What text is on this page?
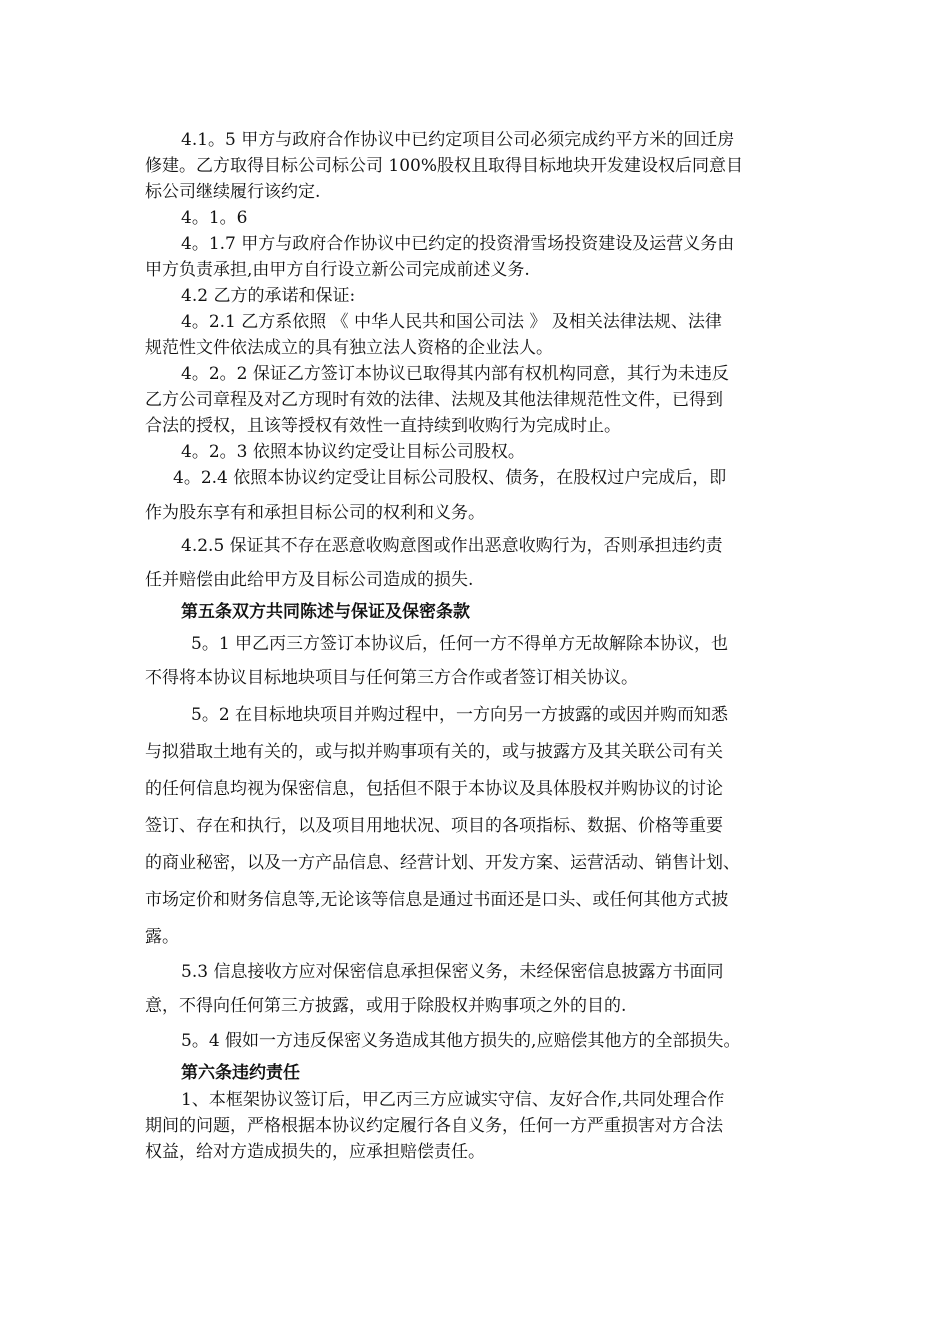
4.1。5 甲方与政府合作协议中已约定项目公司必须完成约平方米的回迁房

修建。乙方取得目标公司标公司 100%股权且取得目标地块开发建设权后同意目

标公司继续履行该约定.

4。1。6

4。1.7 甲方与政府合作协议中已约定的投资滑雪场投资建设及运营义务由

甲方负责承担,由甲方自行设立新公司完成前述义务.

4.2 乙方的承诺和保证:

4。2.1 乙方系依照 《 中华人民共和国公司法 》 及相关法律法规、法律

规范性文件依法成立的具有独立法人资格的企业法人。

4。2。2 保证乙方签订本协议已取得其内部有权机构同意，其行为未违反

乙方公司章程及对乙方现时有效的法律、法规及其他法律规范性文件，已得到

合法的授权，且该等授权有效性一直持续到收购行为完成时止。

4。2。3 依照本协议约定受让目标公司股权。

4。2.4 依照本协议约定受让目标公司股权、债务，在股权过户完成后，即

作为股东享有和承担目标公司的权利和义务。

4.2.5 保证其不存在恶意收购意图或作出恶意收购行为，否则承担违约责

任并赔偿由此给甲方及目标公司造成的损失.

第五条双方共同陈述与保证及保密条款

5。1 甲乙丙三方签订本协议后，任何一方不得单方无故解除本协议，也

不得将本协议目标地块项目与任何第三方合作或者签订相关协议。

5。2 在目标地块项目并购过程中，一方向另一方披露的或因并购而知悉

与拟猎取土地有关的，或与拟并购事项有关的，或与披露方及其关联公司有关

的任何信息均视为保密信息，包括但不限于本协议及具体股权并购协议的讨论

签订、存在和执行，以及项目用地状况、项目的各项指标、数据、价格等重要

的商业秘密，以及一方产品信息、经营计划、开发方案、运营活动、销售计划、

市场定价和财务信息等,无论该等信息是通过书面还是口头、或任何其他方式披

露。

5.3 信息接收方应对保密信息承担保密义务，未经保密信息披露方书面同

意，不得向任何第三方披露，或用于除股权并购事项之外的目的.

5。4 假如一方违反保密义务造成其他方损失的,应赔偿其他方的全部损失。

第六条违约责任

1、本框架协议签订后，甲乙丙三方应诚实守信、友好合作,共同处理合作

期间的问题，严格根据本协议约定履行各自义务，任何一方严重损害对方合法

权益，给对方造成损失的，应承担赔偿责任。
